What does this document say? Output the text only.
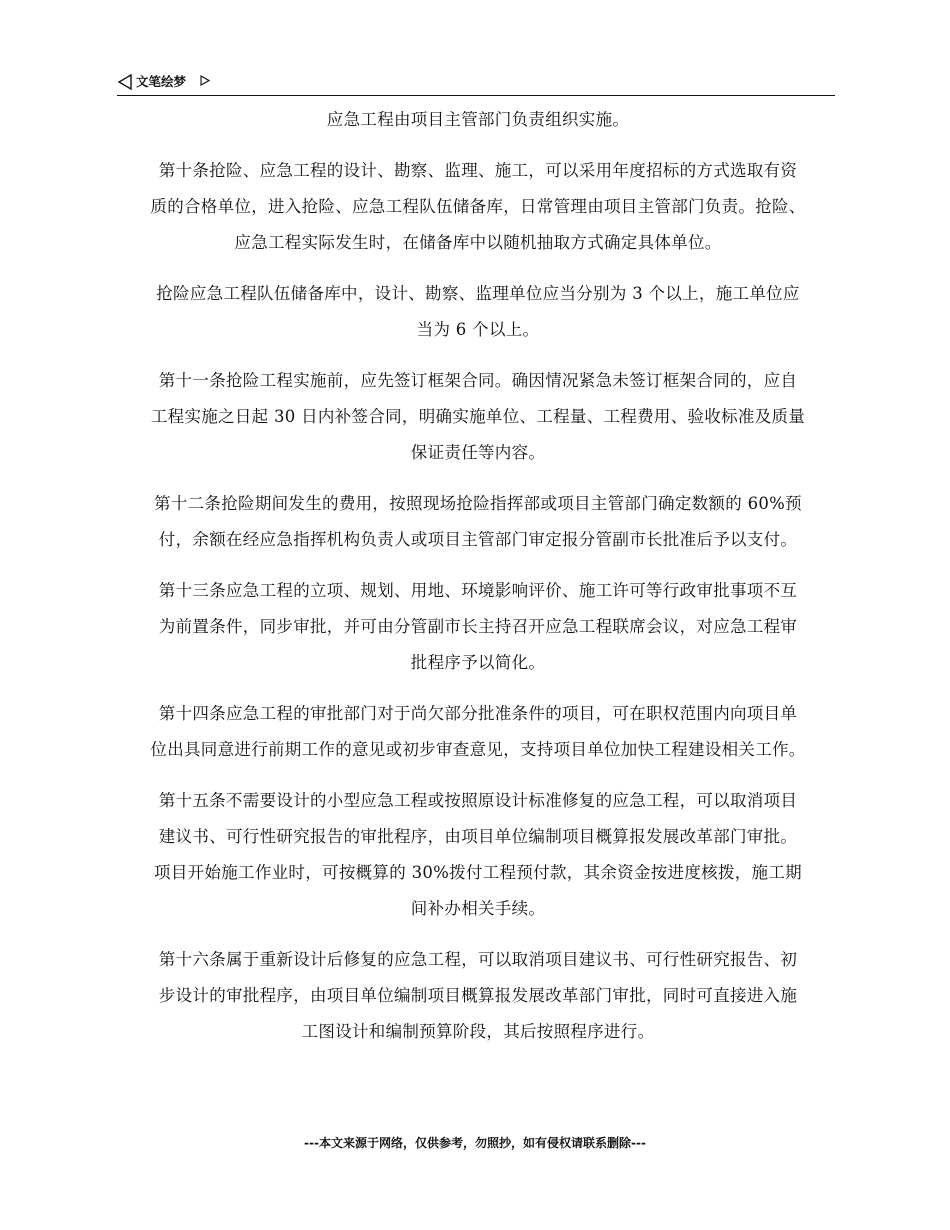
文笔绘梦

应急工程由项目主管部门负责组织实施。

第十条抢险、应急工程的设计、勘察、监理、施工，可以采用年度招标的方式选取有资
质的合格单位，进入抢险、应急工程队伍储备库，日常管理由项目主管部门负责。抢险、
应急工程实际发生时，在储备库中以随机抽取方式确定具体单位。

抢险应急工程队伍储备库中，设计、勘察、监理单位应当分别为 3 个以上，施工单位应
当为 6 个以上。

第十一条抢险工程实施前，应先签订框架合同。确因情况紧急未签订框架合同的，应自
工程实施之日起 30 日内补签合同，明确实施单位、工程量、工程费用、验收标准及质量
保证责任等内容。

第十二条抢险期间发生的费用，按照现场抢险指挥部或项目主管部门确定数额的 60%预
付，余额在经应急指挥机构负责人或项目主管部门审定报分管副市长批准后予以支付。

第十三条应急工程的立项、规划、用地、环境影响评价、施工许可等行政审批事项不互
为前置条件，同步审批，并可由分管副市长主持召开应急工程联席会议，对应急工程审
批程序予以简化。

第十四条应急工程的审批部门对于尚欠部分批准条件的项目，可在职权范围内向项目单
位出具同意进行前期工作的意见或初步审查意见，支持项目单位加快工程建设相关工作。

第十五条不需要设计的小型应急工程或按照原设计标准修复的应急工程，可以取消项目
建议书、可行性研究报告的审批程序，由项目单位编制项目概算报发展改革部门审批。
项目开始施工作业时，可按概算的 30%拨付工程预付款，其余资金按进度核拨，施工期
间补办相关手续。

第十六条属于重新设计后修复的应急工程，可以取消项目建议书、可行性研究报告、初
步设计的审批程序，由项目单位编制项目概算报发展改革部门审批，同时可直接进入施
工图设计和编制预算阶段，其后按照程序进行。

---本文来源于网络，仅供参考，勿照抄，如有侵权请联系删除---
